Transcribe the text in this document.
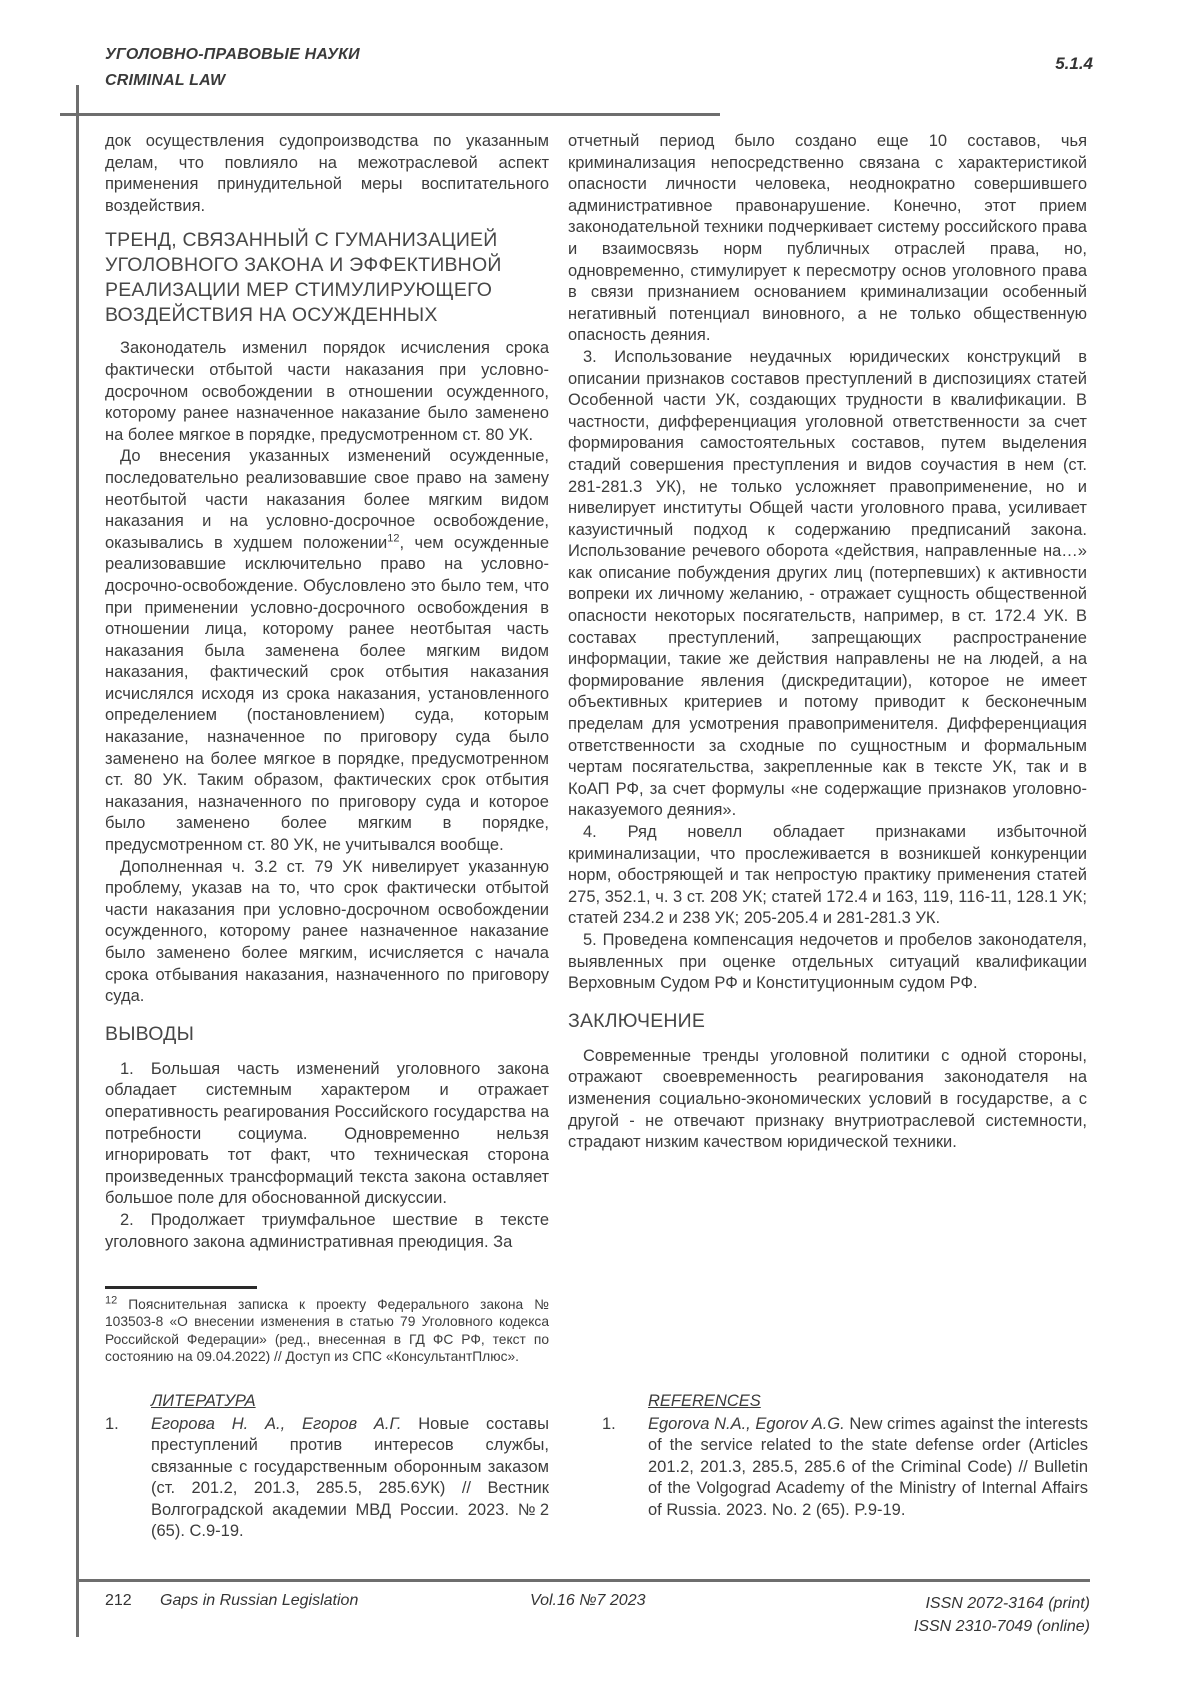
УГОЛОВНО-ПРАВОВЫЕ НАУКИ
CRIMINAL LAW
5.1.4

док осуществления судопроизводства по указанным делам, что повлияло на межотраслевой аспект применения принудительной меры воспитательного воздействия.

ТРЕНД, СВЯЗАННЫЙ С ГУМАНИЗАЦИЕЙ УГОЛОВНОГО ЗАКОНА И ЭФФЕКТИВНОЙ РЕАЛИЗАЦИИ МЕР СТИМУЛИРУЮЩЕГО ВОЗДЕЙСТВИЯ НА ОСУЖДЕННЫХ

Законодатель изменил порядок исчисления срока фактически отбытой части наказания при условно-досрочном освобождении в отношении осужденного, которому ранее назначенное наказание было заменено на более мягкое в порядке, предусмотренном ст. 80 УК.

До внесения указанных изменений осужденные, последовательно реализовавшие свое право на замену неотбытой части наказания более мягким видом наказания и на условно-досрочное освобождение, оказывались в худшем положении$^{12}$, чем осужденные реализовавшие исключительно право на условно-досрочно-освобождение. Обусловлено это было тем, что при применении условно-досрочного освобождения в отношении лица, которому ранее неотбытая часть наказания была заменена более мягким видом наказания, фактический срок отбытия наказания исчислялся исходя из срока наказания, установленного определением (постановлением) суда, которым наказание, назначенное по приговору суда было заменено на более мягкое в порядке, предусмотренном ст. 80 УК. Таким образом, фактических срок отбытия наказания, назначенного по приговору суда и которое было заменено более мягким в порядке, предусмотренном ст. 80 УК, не учитывался вообще.

Дополненная ч. 3.2 ст. 79 УК нивелирует указанную проблему, указав на то, что срок фактически отбытой части наказания при условно-досрочном освобождении осужденного, которому ранее назначенное наказание было заменено более мягким, исчисляется с начала срока отбывания наказания, назначенного по приговору суда.

ВЫВОДЫ

1. Большая часть изменений уголовного закона обладает системным характером и отражает оперативность реагирования Российского государства на потребности социума. Одновременно нельзя игнорировать тот факт, что техническая сторона произведенных трансформаций текста закона оставляет большое поле для обоснованной дискуссии.

2. Продолжает триумфальное шествие в тексте уголовного закона административная преюдиция. За

$^{12}$ Пояснительная записка к проекту Федерального закона № 103503-8 «О внесении изменения в статью 79 Уголовного кодекса Российской Федерации» (ред., внесенная в ГД ФС РФ, текст по состоянию на 09.04.2022) // Доступ из СПС «КонсультантПлюс».

ЛИТЕРАТУРА
1.	Егорова Н. А., Егоров А.Г. Новые составы преступлений против интересов службы, связанные с государственным оборонным заказом (ст. 201.2, 201.3, 285.5, 285.6УК) // Вестник Волгоградской академии МВД России. 2023. №2 (65). С.9-19.

отчетный период было создано еще 10 составов, чья криминализация непосредственно связана с характеристикой опасности личности человека, неоднократно совершившего административное правонарушение. Конечно, этот прием законодательной техники подчеркивает систему российского права и взаимосвязь норм публичных отраслей права, но, одновременно, стимулирует к пересмотру основ уголовного права в связи признанием основанием криминализации особенный негативный потенциал виновного, а не только общественную опасность деяния.

3. Использование неудачных юридических конструкций в описании признаков составов преступлений в диспозициях статей Особенной части УК, создающих трудности в квалификации. В частности, дифференциация уголовной ответственности за счет формирования самостоятельных составов, путем выделения стадий совершения преступления и видов соучастия в нем (ст. 281-281.3 УК), не только усложняет правоприменение, но и нивелирует институты Общей части уголовного права, усиливает казуистичный подход к содержанию предписаний закона. Использование речевого оборота «действия, направленные на…» как описание побуждения других лиц (потерпевших) к активности вопреки их личному желанию, - отражает сущность общественной опасности некоторых посягательств, например, в ст. 172.4 УК. В составах преступлений, запрещающих распространение информации, такие же действия направлены не на людей, а на формирование явления (дискредитации), которое не имеет объективных критериев и потому приводит к бесконечным пределам для усмотрения правоприменителя. Дифференциация ответственности за сходные по сущностным и формальным чертам посягательства, закрепленные как в тексте УК, так и в КоАП РФ, за счет формулы «не содержащие признаков уголовно- наказуемого деяния».

4. Ряд новелл обладает признаками избыточной криминализации, что прослеживается в возникшей конкуренции норм, обостряющей и так непростую практику применения статей 275, 352.1, ч. 3 ст. 208 УК; статей 172.4 и 163, 119, 116-11, 128.1 УК; статей 234.2 и 238 УК; 205-205.4 и 281-281.3 УК.

5. Проведена компенсация недочетов и пробелов законодателя, выявленных при оценке отдельных ситуаций квалификации Верховным Судом РФ и Конституционным судом РФ.

ЗАКЛЮЧЕНИЕ

Современные тренды уголовной политики с одной стороны, отражают своевременность реагирования законодателя на изменения социально-экономических условий в государстве, а с другой - не отвечают признаку внутриотраслевой системности, страдают низким качеством юридической техники.

REFERENCES
1.	Egorova N.A., Egorov A.G. New crimes against the interests of the service related to the state defense order (Articles 201.2, 201.3, 285.5, 285.6 of the Criminal Code) // Bulletin of the Volgograd Academy of the Ministry of Internal Affairs of Russia. 2023. No. 2 (65). P.9-19.

212 Gaps in Russian Legislation	Vol.16 №7 2023	ISSN 2072-3164 (print)
ISSN 2310-7049 (online)
